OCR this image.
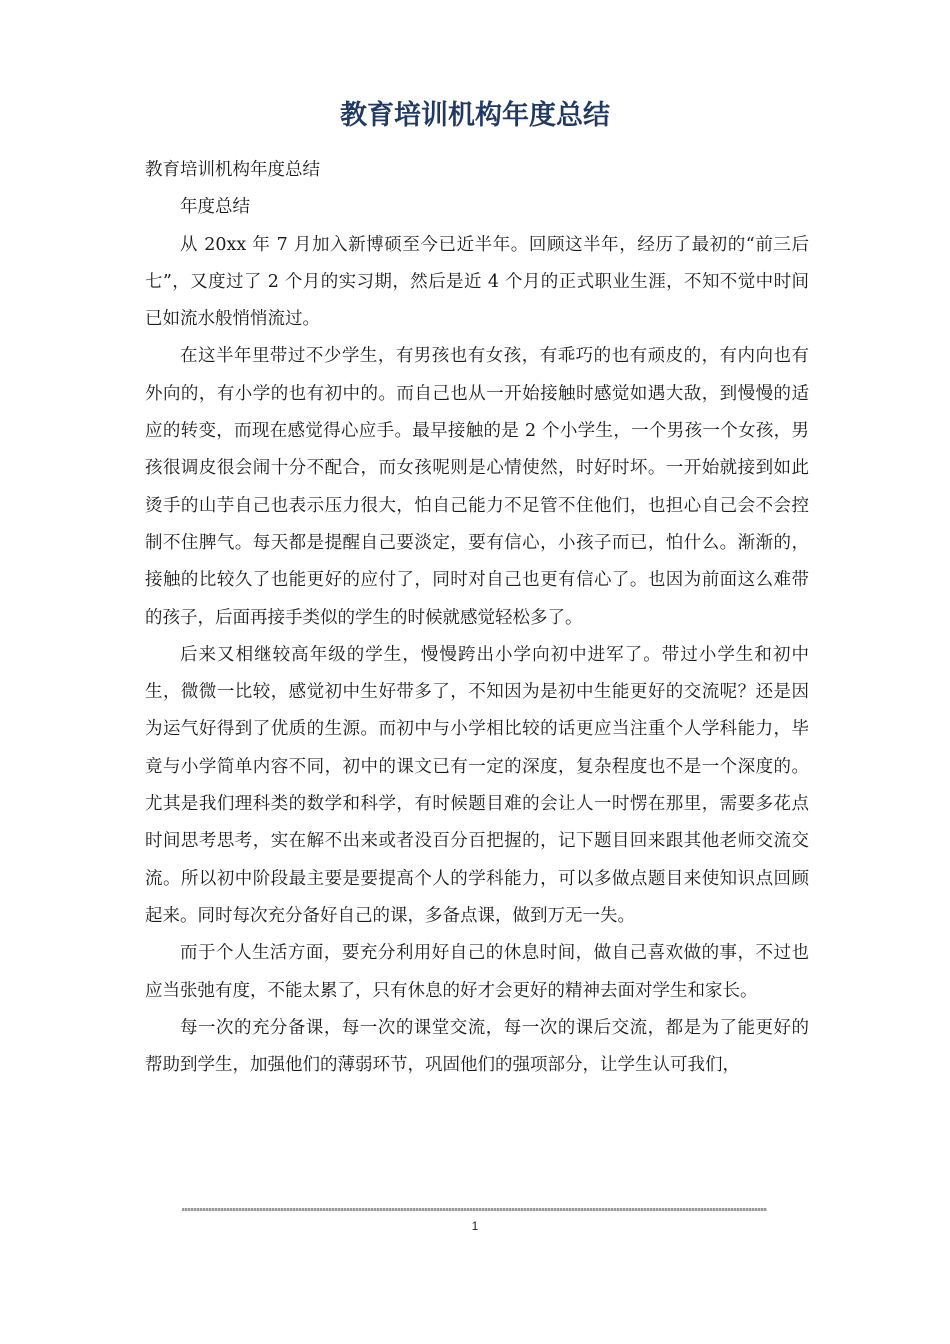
教育培训机构年度总结

教育培训机构年度总结

年度总结

从 20xx 年 7 月加入新博硕至今已近半年。回顾这半年，经历了最初的“前三后七”，又度过了 2 个月的实习期，然后是近 4 个月的正式职业生涯，不知不觉中时间已如流水般悄悄流过。

在这半年里带过不少学生，有男孩也有女孩，有乖巧的也有顽皮的，有内向也有外向的，有小学的也有初中的。而自己也从一开始接触时感觉如遇大敌，到慢慢的适应的转变，而现在感觉得心应手。最早接触的是 2 个小学生，一个男孩一个女孩，男孩很调皮很会闹十分不配合，而女孩呢则是心情使然，时好时坏。一开始就接到如此烫手的山芋自己也表示压力很大，怕自己能力不足管不住他们，也担心自己会不会控制不住脾气。每天都是提醒自己要淡定，要有信心，小孩子而已，怕什么。渐渐的，接触的比较久了也能更好的应付了，同时对自己也更有信心了。也因为前面这么难带的孩子，后面再接手类似的学生的时候就感觉轻松多了。

后来又相继较高年级的学生，慢慢跨出小学向初中进军了。带过小学生和初中生，微微一比较，感觉初中生好带多了，不知因为是初中生能更好的交流呢？还是因为运气好得到了优质的生源。而初中与小学相比较的话更应当注重个人学科能力，毕竟与小学简单内容不同，初中的课文已有一定的深度，复杂程度也不是一个深度的。尤其是我们理科类的数学和科学，有时候题目难的会让人一时愣在那里，需要多花点时间思考思考，实在解不出来或者没百分百把握的，记下题目回来跟其他老师交流交流。所以初中阶段最主要是要提高个人的学科能力，可以多做点题目来使知识点回顾起来。同时每次充分备好自己的课，多备点课，做到万无一失。

而于个人生活方面，要充分利用好自己的休息时间，做自己喜欢做的事，不过也应当张弛有度，不能太累了，只有休息的好才会更好的精神去面对学生和家长。

每一次的充分备课，每一次的课堂交流，每一次的课后交流，都是为了能更好的帮助到学生，加强他们的薄弱环节，巩固他们的强项部分，让学生认可我们，

1
